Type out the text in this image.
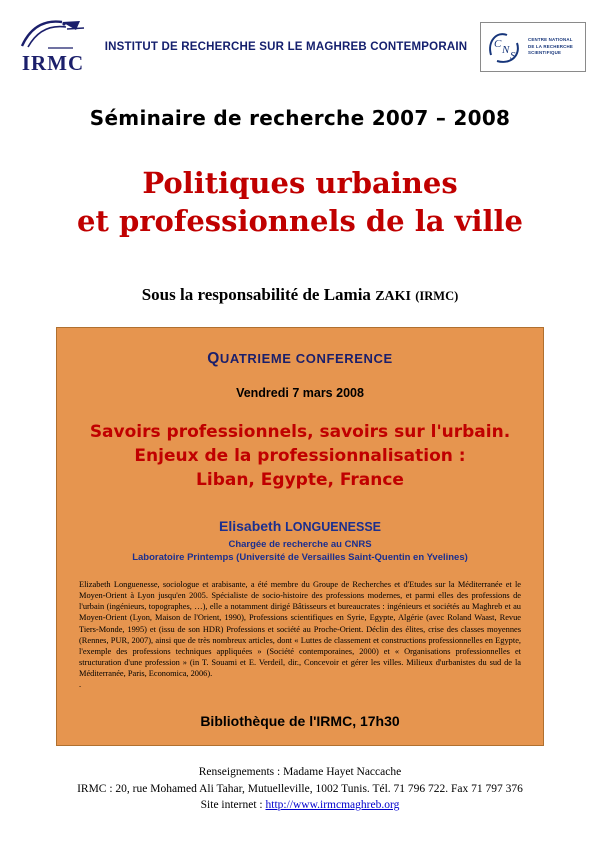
IRMC
INSTITUT DE RECHERCHE SUR LE MAGHREB CONTEMPORAIN	C N S
CENTRE NATIONAL
DE LA RECHERCHE
SCIENTIFIQUE
Séminaire de recherche 2007 – 2008
Politiques urbaines
et professionnels de la ville
Sous la responsabilité de Lamia ZAKI (IRMC)
QUATRIEME CONFERENCE
Vendredi 7 mars 2008
Savoirs professionnels, savoirs sur l'urbain.
Enjeux de la professionnalisation :
Liban, Egypte, France
Elisabeth LONGUENESSE
Chargée de recherche au CNRS
Laboratoire Printemps (Université de Versailles Saint-Quentin en Yvelines)
Elizabeth Longuenesse, sociologue et arabisante, a été membre du Groupe de Recherches et d'Etudes sur la Méditerranée et le Moyen-Orient à Lyon jusqu'en 2005. Spécialiste de socio-histoire des professions modernes, et parmi elles des professions de l'urbain (ingénieurs, topographes, …), elle a notamment dirigé Bâtisseurs et bureaucrates : ingénieurs et sociétés au Maghreb et au Moyen-Orient (Lyon, Maison de l'Orient, 1990), Professions scientifiques en Syrie, Egypte, Algérie (avec Roland Waast, Revue Tiers-Monde, 1995) et (issu de son HDR) Professions et société au Proche-Orient. Déclin des élites, crise des classes moyennes (Rennes, PUR, 2007), ainsi que de très nombreux articles, dont « Luttes de classement et constructions professionnelles en Egypte, l'exemple des professions techniques appliquées » (Société contemporaines, 2000) et « Organisations professionnelles et structuration d'une profession » (in T. Souami et E. Verdeil, dir., Concevoir et gérer les villes. Milieux d'urbanistes du sud de la Méditerranée, Paris, Economica, 2006).
.
Bibliothèque de l'IRMC, 17h30
Renseignements : Madame Hayet Naccache
IRMC : 20, rue Mohamed Ali Tahar, Mutuelleville, 1002 Tunis. Tél. 71 796 722. Fax 71 797 376
Site internet : http://www.irmcmaghreb.org
